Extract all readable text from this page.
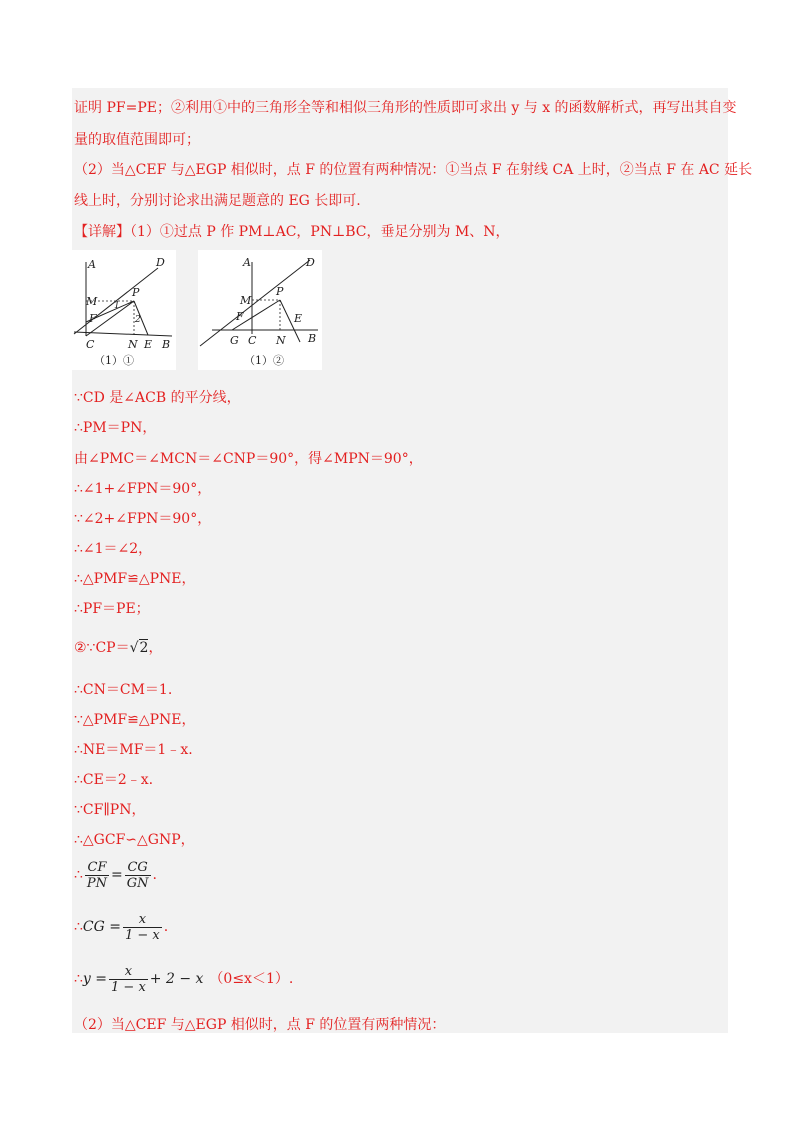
证明 PF=PE；②利用①中的三角形全等和相似三角形的性质即可求出 y 与 x 的函数解析式，再写出其自变

量的取值范围即可；

（2）当△CEF 与△EGP 相似时，点 F 的位置有两种情况：①当点 F 在射线 CA 上时，②当点 F 在 AC 延长

线上时，分别讨论求出满足题意的 EG 长即可.

【详解】（1）①过点 P 作 PM⊥AC，PN⊥BC，垂足分别为 M、N，

A	D
M
P
F
1
2
C	N E B
（1）①
A	D
M
P
F	E
G C N B
（1）②

∵CD 是∠ACB 的平分线，

∴PM＝PN，

由∠PMC＝∠MCN＝∠CNP＝90°，得∠MPN＝90°，

∴∠1+∠FPN＝90°，

∵∠2+∠FPN＝90°，

∴∠1＝∠2，

∴△PMF≌△PNE，

∴PF＝PE；

②∵CP＝√2，

∴CN＝CM＝1.

∵△PMF≌△PNE，

∴NE＝MF＝1﹣x.

∴CE＝2﹣x.

∵CF∥PN，

∴△GCF∽△GNP，

∴ $\frac{CF}{PN} = \frac{CG}{GN}$ .

∴CG = $\frac{x}{1 - x}$ .

∴y = $\frac{x}{1 - x} + 2 - x$ （0≤x＜1）.

（2）当△CEF 与△EGP 相似时，点 F 的位置有两种情况：
